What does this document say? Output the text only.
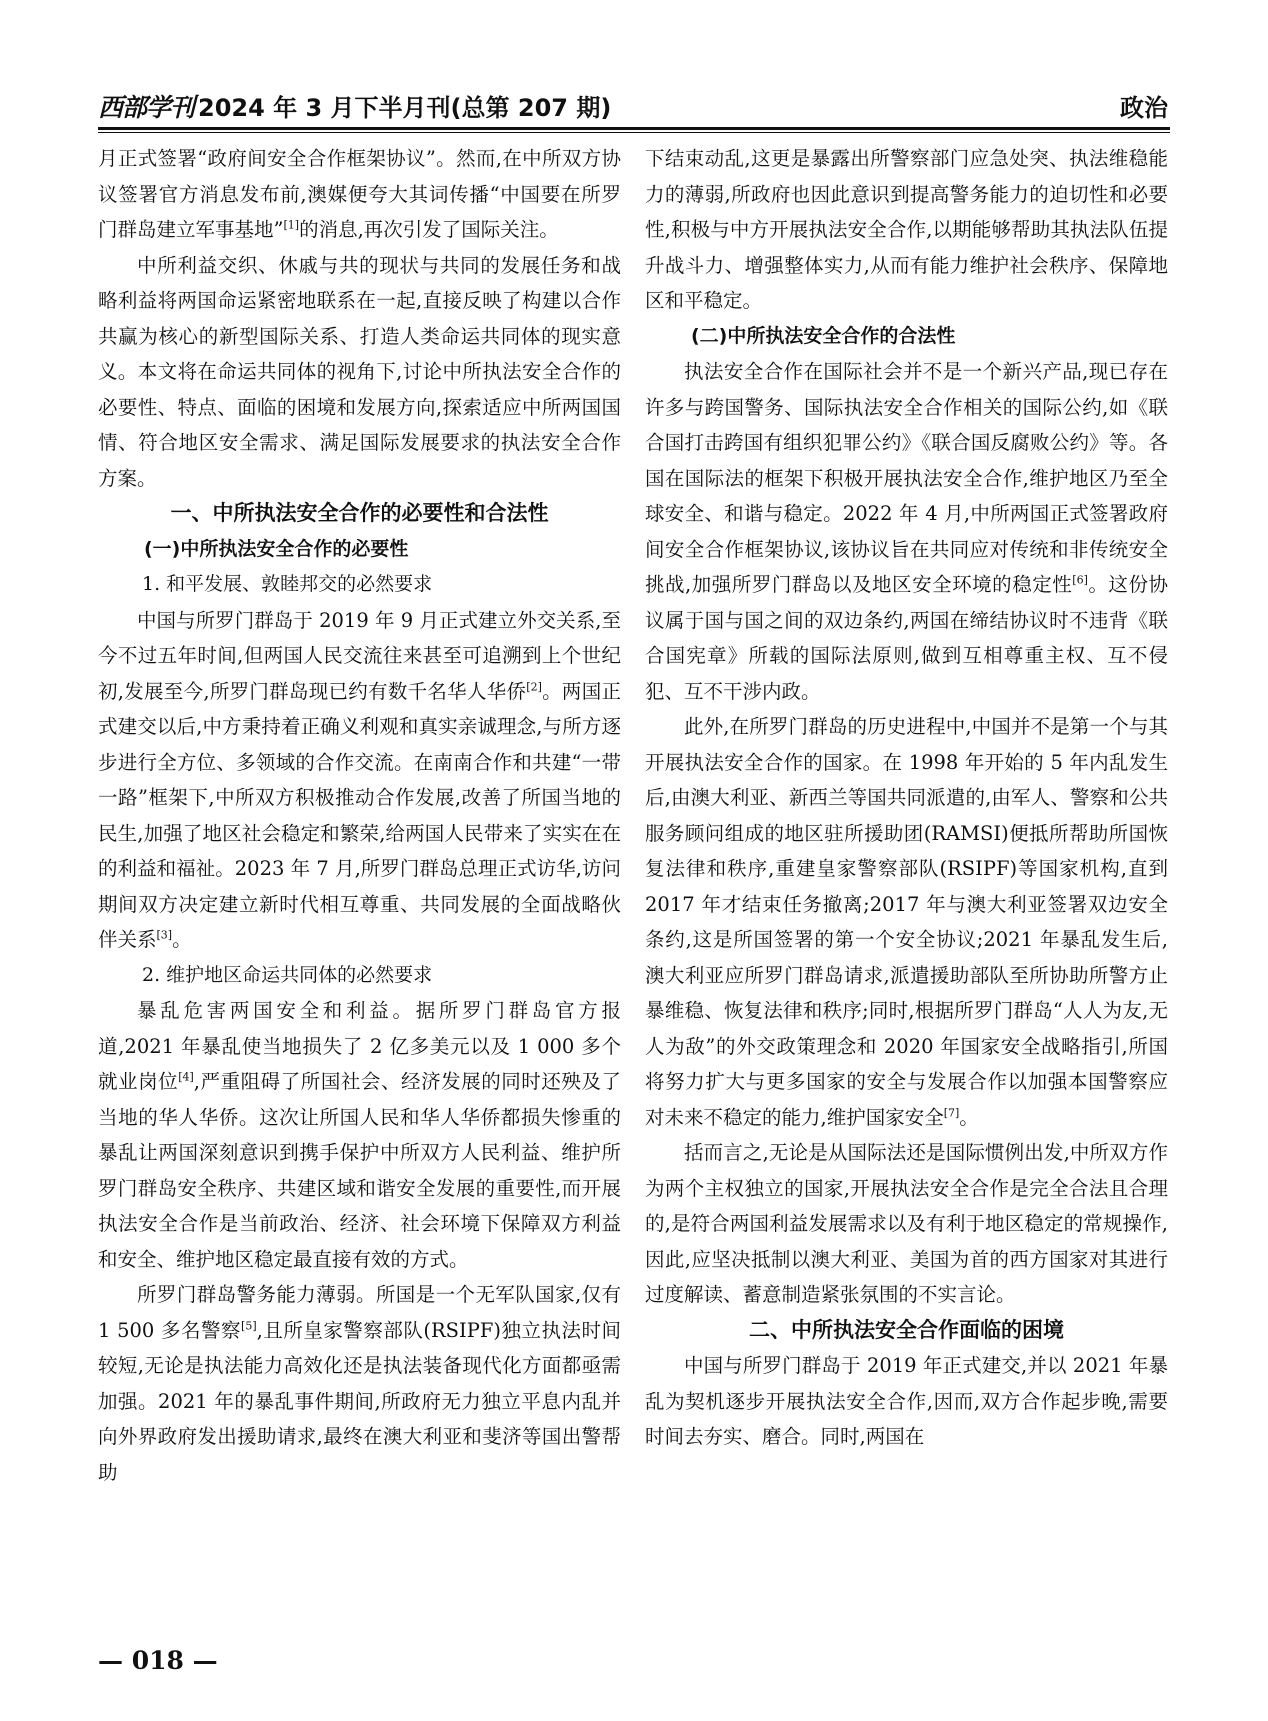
西部学刊 2024 年 3 月下半月刊(总第 207 期)	政治

月正式签署“政府间安全合作框架协议”。然而,在中所双方协议签署官方消息发布前,澳媒便夸大其词传播“中国要在所罗门群岛建立军事基地”[1]的消息,再次引发了国际关注。

中所利益交织、休戚与共的现状与共同的发展任务和战略利益将两国命运紧密地联系在一起,直接反映了构建以合作共赢为核心的新型国际关系、打造人类命运共同体的现实意义。本文将在命运共同体的视角下,讨论中所执法安全合作的必要性、特点、面临的困境和发展方向,探索适应中所两国国情、符合地区安全需求、满足国际发展要求的执法安全合作方案。

一、中所执法安全合作的必要性和合法性

(一)中所执法安全合作的必要性

1. 和平发展、敦睦邦交的必然要求

中国与所罗门群岛于 2019 年 9 月正式建立外交关系,至今不过五年时间,但两国人民交流往来甚至可追溯到上个世纪初,发展至今,所罗门群岛现已约有数千名华人华侨[2]。两国正式建交以后,中方秉持着正确义利观和真实亲诚理念,与所方逐步进行全方位、多领域的合作交流。在南南合作和共建“一带一路”框架下,中所双方积极推动合作发展,改善了所国当地的民生,加强了地区社会稳定和繁荣,给两国人民带来了实实在在的利益和福祉。2023 年 7 月,所罗门群岛总理正式访华,访问期间双方决定建立新时代相互尊重、共同发展的全面战略伙伴关系[3]。

2. 维护地区命运共同体的必然要求

暴乱危害两国安全和利益。据所罗门群岛官方报道,2021 年暴乱使当地损失了 2 亿多美元以及 1 000 多个就业岗位[4],严重阻碍了所国社会、经济发展的同时还殃及了当地的华人华侨。这次让所国人民和华人华侨都损失惨重的暴乱让两国深刻意识到携手保护中所双方人民利益、维护所罗门群岛安全秩序、共建区域和谐安全发展的重要性,而开展执法安全合作是当前政治、经济、社会环境下保障双方利益和安全、维护地区稳定最直接有效的方式。

所罗门群岛警务能力薄弱。所国是一个无军队国家,仅有 1 500 多名警察[5],且所皇家警察部队(RSIPF)独立执法时间较短,无论是执法能力高效化还是执法装备现代化方面都亟需加强。2021 年的暴乱事件期间,所政府无力独立平息内乱并向外界政府发出援助请求,最终在澳大利亚和斐济等国出警帮助

下结束动乱,这更是暴露出所警察部门应急处突、执法维稳能力的薄弱,所政府也因此意识到提高警务能力的迫切性和必要性,积极与中方开展执法安全合作,以期能够帮助其执法队伍提升战斗力、增强整体实力,从而有能力维护社会秩序、保障地区和平稳定。

(二)中所执法安全合作的合法性

执法安全合作在国际社会并不是一个新兴产品,现已存在许多与跨国警务、国际执法安全合作相关的国际公约,如《联合国打击跨国有组织犯罪公约》《联合国反腐败公约》等。各国在国际法的框架下积极开展执法安全合作,维护地区乃至全球安全、和谐与稳定。2022 年 4 月,中所两国正式签署政府间安全合作框架协议,该协议旨在共同应对传统和非传统安全挑战,加强所罗门群岛以及地区安全环境的稳定性[6]。这份协议属于国与国之间的双边条约,两国在缔结协议时不违背《联合国宪章》所载的国际法原则,做到互相尊重主权、互不侵犯、互不干涉内政。

此外,在所罗门群岛的历史进程中,中国并不是第一个与其开展执法安全合作的国家。在 1998 年开始的 5 年内乱发生后,由澳大利亚、新西兰等国共同派遣的,由军人、警察和公共服务顾问组成的地区驻所援助团(RAMSI)便抵所帮助所国恢复法律和秩序,重建皇家警察部队(RSIPF)等国家机构,直到 2017 年才结束任务撤离;2017 年与澳大利亚签署双边安全条约,这是所国签署的第一个安全协议;2021 年暴乱发生后,澳大利亚应所罗门群岛请求,派遣援助部队至所协助所警方止暴维稳、恢复法律和秩序;同时,根据所罗门群岛“人人为友,无人为敌”的外交政策理念和 2020 年国家安全战略指引,所国将努力扩大与更多国家的安全与发展合作以加强本国警察应对未来不稳定的能力,维护国家安全[7]。

括而言之,无论是从国际法还是国际惯例出发,中所双方作为两个主权独立的国家,开展执法安全合作是完全合法且合理的,是符合两国利益发展需求以及有利于地区稳定的常规操作,因此,应坚决抵制以澳大利亚、美国为首的西方国家对其进行过度解读、蓄意制造紧张氛围的不实言论。

二、中所执法安全合作面临的困境

中国与所罗门群岛于 2019 年正式建交,并以 2021 年暴乱为契机逐步开展执法安全合作,因而,双方合作起步晚,需要时间去夯实、磨合。同时,两国在

— 018 —
